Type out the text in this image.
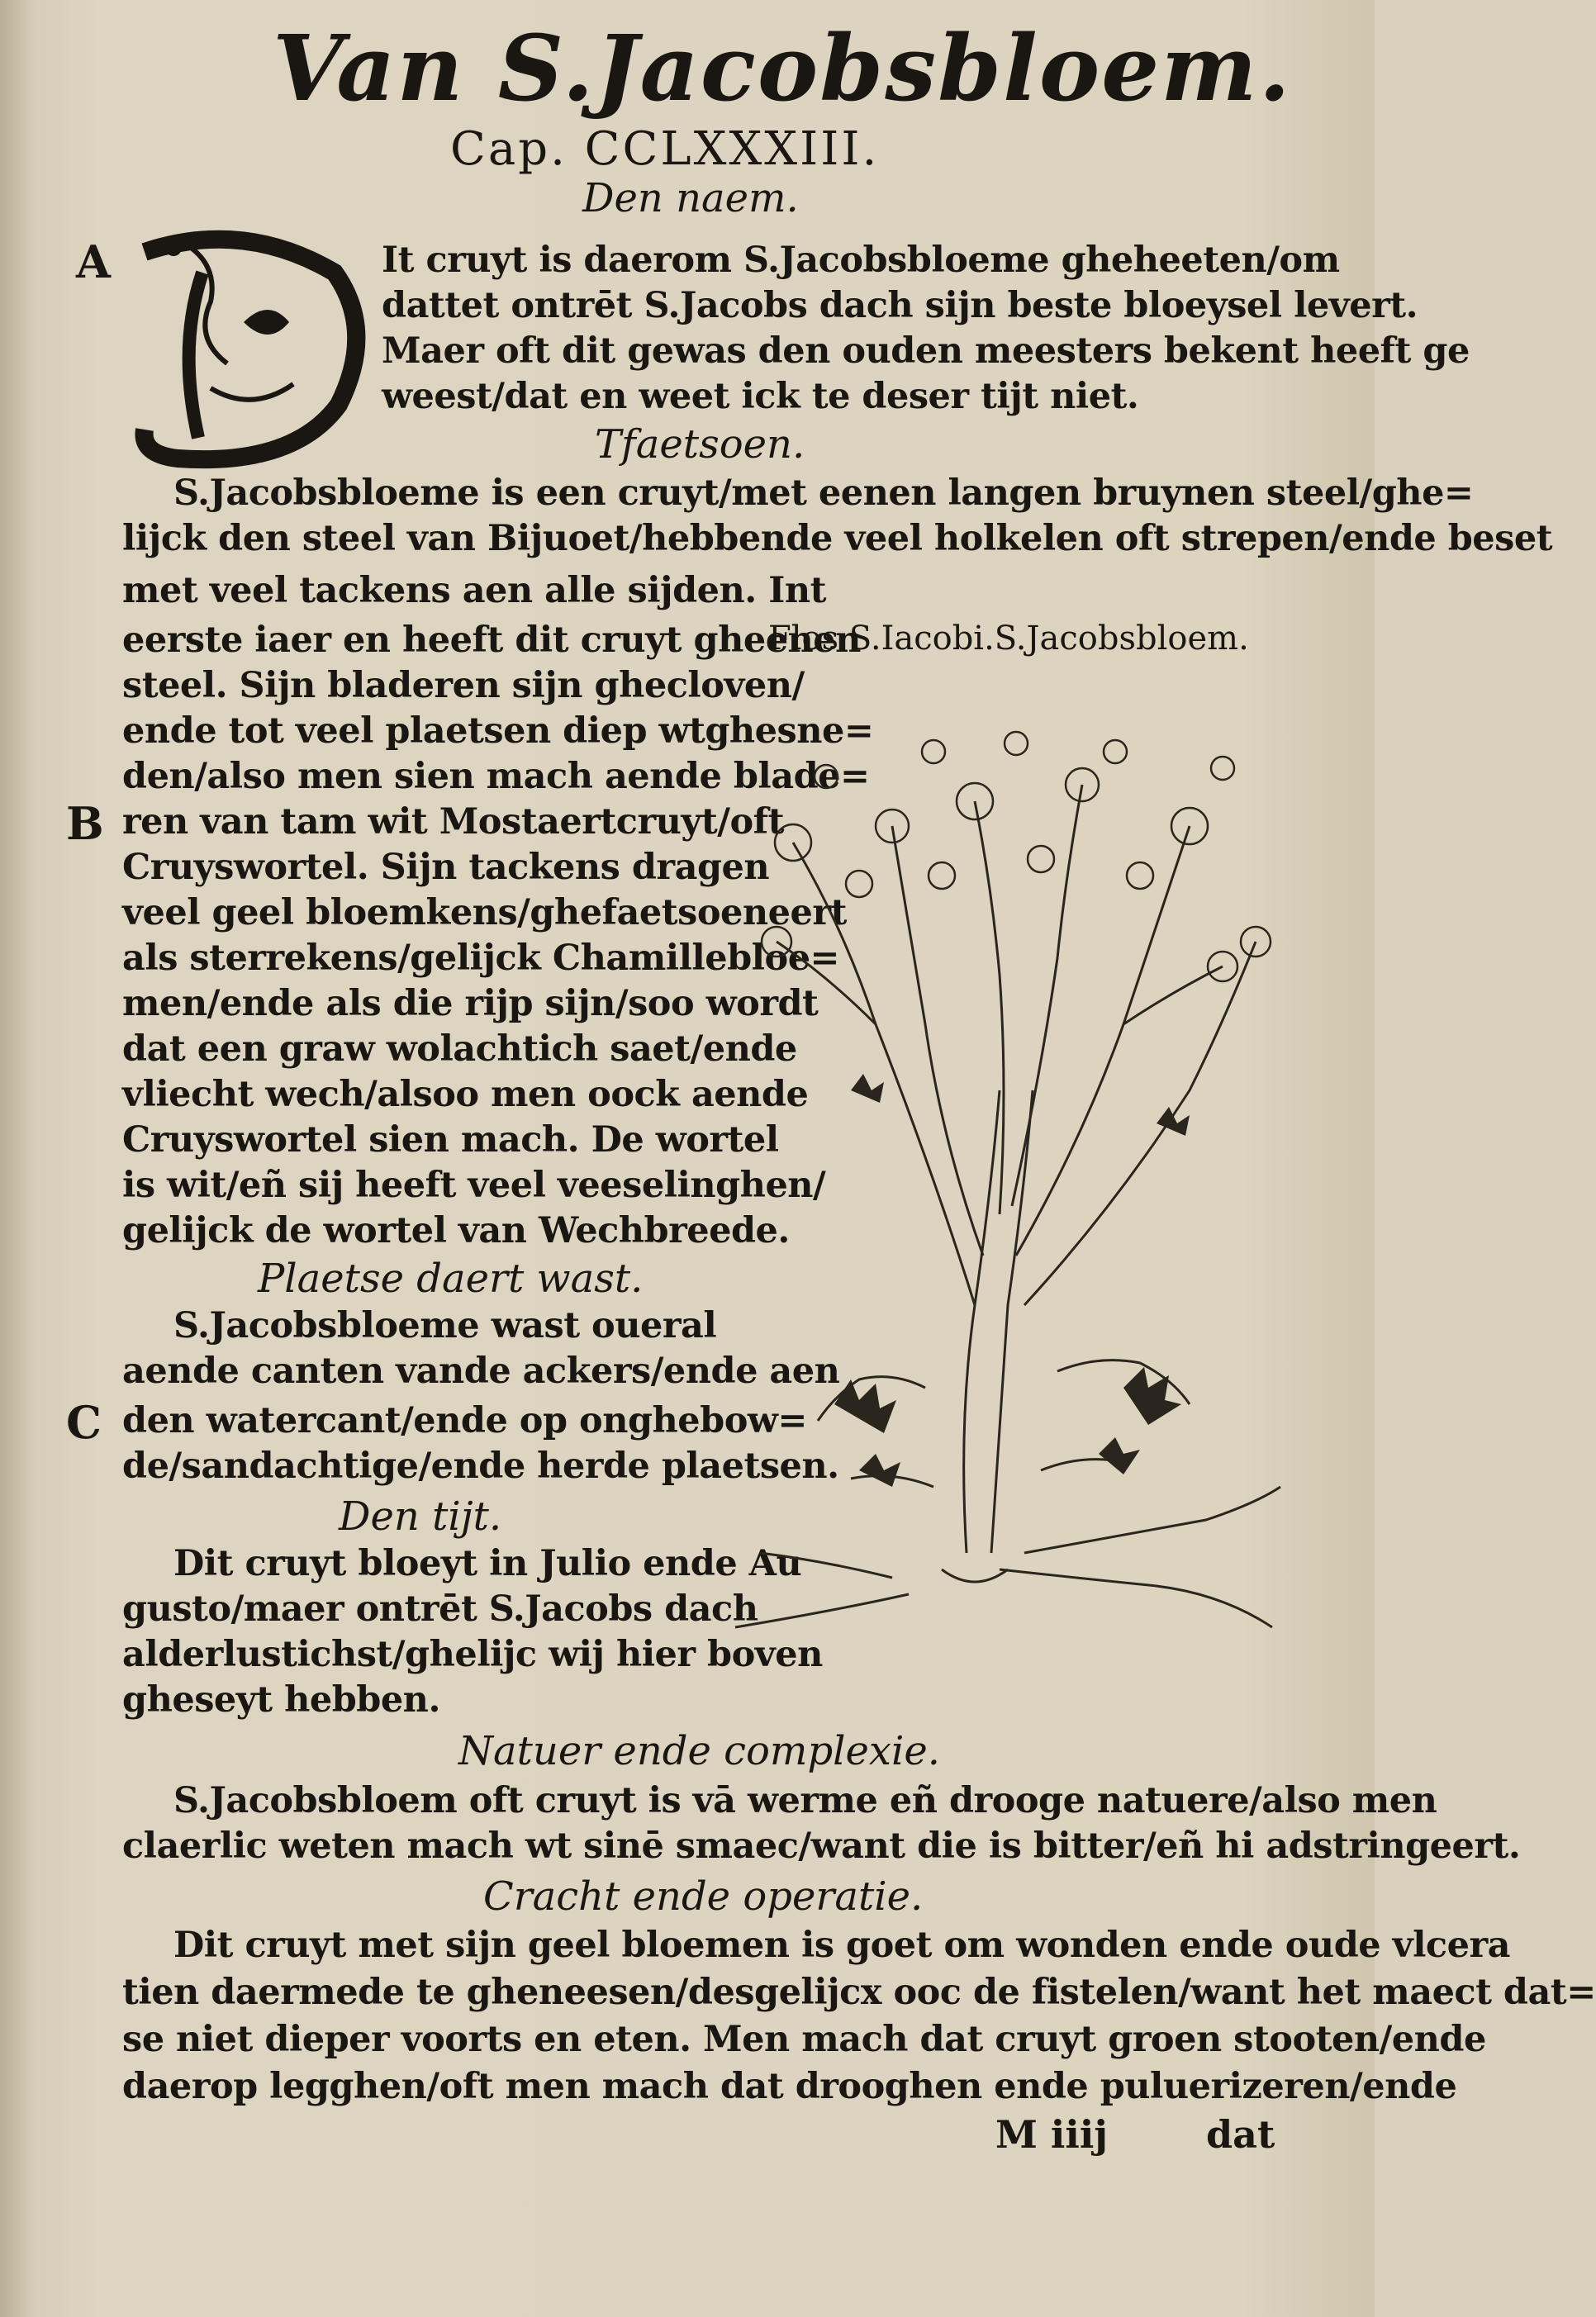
Van S.Jacobsbloem.
Cap. CCLXXXIII.
Den naem.
A	It cruyt is daerom S.Jacobsbloeme gheheeten/om
dattet ontrēt S.Jacobs dach sijn beste bloeysel levert.
Maer oft dit gewas den ouden meesters bekent heeft ge
weest/dat en weet ick te deser tijt niet.
Tfaetsoen.
S.Jacobsbloeme is een cruyt/met eenen langen bruynen steel/ghe=
lijck den steel van Bijuoet/hebbende veel holkelen oft strepen/ende beset
met veel tackens aen alle sijden. Int
Flos S.Iacobi.S.Jacobsbloem.
eerste iaer en heeft dit cruyt gheenen
steel. Sijn bladeren sijn ghecloven/
ende tot veel plaetsen diep wtghesne=
den/also men sien mach aende blade=
B ren van tam wit Mostaertcruyt/oft
Cruyswortel. Sijn tackens dragen
veel geel bloemkens/ghefaetsoeneert
als sterrekens/gelijck Chamillebloe=
men/ende als die rijp sijn/soo wordt
dat een graw wolachtich saet/ende
vliecht wech/alsoo men oock aende
Cruyswortel sien mach. De wortel
is wit/eñ sij heeft veel veeselinghen/
gelijck de wortel van Wechbreede.
Plaetse daert wast.
S.Jacobsbloeme wast oueral
aende canten vande ackers/ende aen
C den watercant/ende op onghebow=
de/sandachtige/ende herde plaetsen.
Den tijt.
Dit cruyt bloeyt in Julio ende Au
gusto/maer ontrēt S.Jacobs dach
alderlustichst/ghelijc wij hier boven
gheseyt hebben.
Natuer ende complexie.
S.Jacobsbloem oft cruyt is vā werme eñ drooge natuere/also men
claerlic weten mach wt sinē smaec/want die is bitter/eñ hi adstringeert.
Cracht ende operatie.
Dit cruyt met sijn geel bloemen is goet om wonden ende oude vlcera
tien daermede te gheneesen/desgelijcx ooc de fistelen/want het maect dat=
se niet dieper voorts en eten. Men mach dat cruyt groen stooten/ende
daerop legghen/oft men mach dat drooghen ende puluerizeren/ende
M iiij	dat
